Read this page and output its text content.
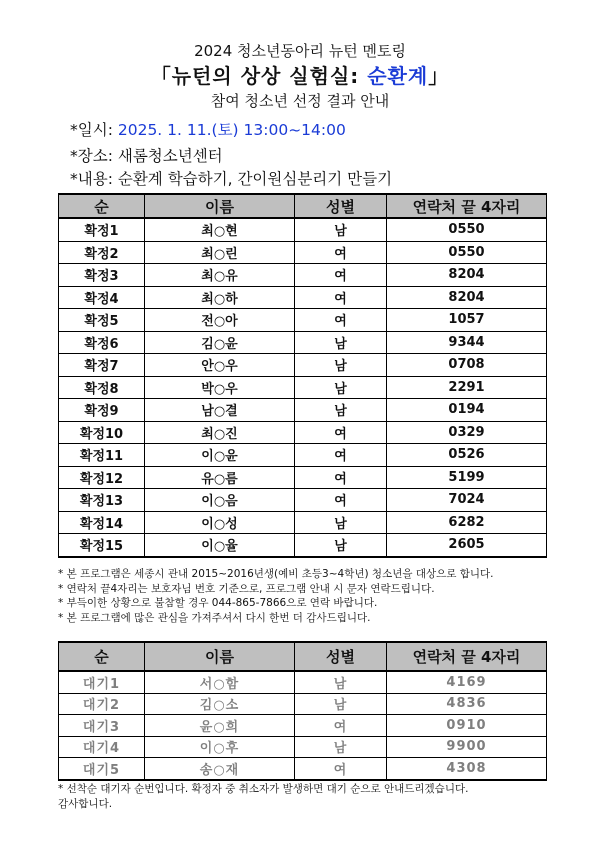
2024 청소년동아리 뉴턴 멘토링
「뉴턴의 상상 실험실: 순환계」
참여 청소년 선정 결과 안내
*일시: 2025. 1. 11.(토) 13:00~14:00
*장소: 새롬청소년센터
*내용: 순환계 학습하기, 간이원심분리기 만들기
순	이름	성별	연락처 끝 4자리
확정1	최○현	남	0550
확정2	최○린	여	0550
확정3	최○유	여	8204
확정4	최○하	여	8204
확정5	전○아	여	1057
확정6	김○윤	남	9344
확정7	안○우	남	0708
확정8	박○우	남	2291
확정9	남○결	남	0194
확정10	최○진	여	0329
확정11	이○윤	여	0526
확정12	유○름	여	5199
확정13	이○음	여	7024
확정14	이○성	남	6282
확정15	이○율	남	2605
* 본 프로그램은 세종시 관내 2015~2016년생(예비 초등3~4학년) 청소년을 대상으로 합니다.
* 연락처 끝4자리는 보호자님 번호 기준으로, 프로그램 안내 시 문자 연락드립니다.
* 부득이한 상황으로 불참할 경우 044-865-7866으로 연락 바랍니다.
* 본 프로그램에 많은 관심을 가져주셔서 다시 한번 더 감사드립니다.
순	이름	성별	연락처 끝 4자리
대기1	서○함	남	4169
대기2	김○소	남	4836
대기3	윤○희	여	0910
대기4	이○후	남	9900
대기5	송○재	여	4308
* 선착순 대기자 순번입니다. 확정자 중 취소자가 발생하면 대기 순으로 안내드리겠습니다.
감사합니다.
